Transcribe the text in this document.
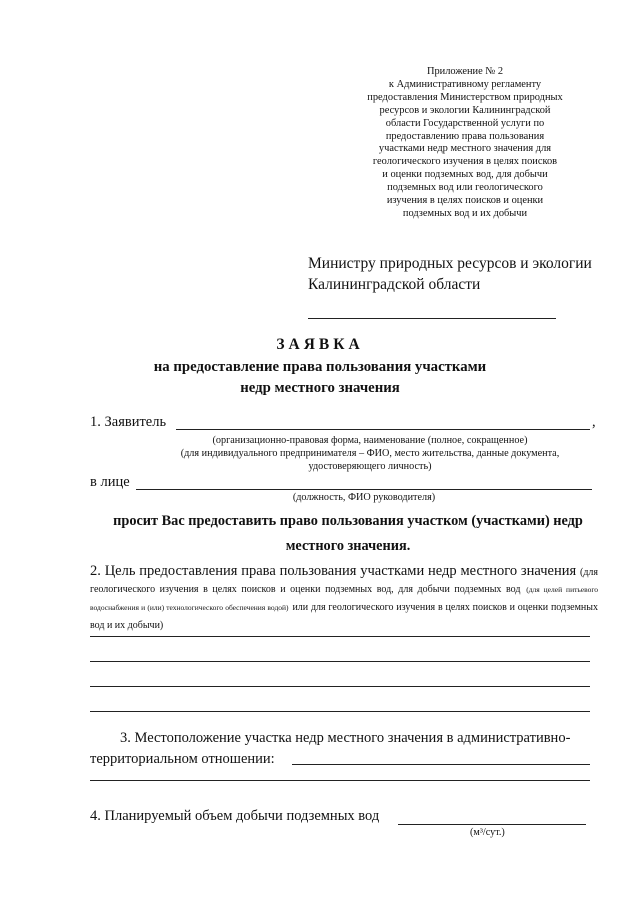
Приложение № 2
к Административному регламенту
предоставления Министерством природных
ресурсов и экологии Калининградской
области Государственной услуги по
предоставлению права пользования
участками недр местного значения для
геологического изучения в целях поисков
и оценки подземных вод, для добычи
подземных вод или геологического
изучения в целях поисков и оценки
подземных вод и их добычи
Министру природных ресурсов и экологии
Калининградской области
ЗАЯВКА
на предоставление права пользования участками
недр местного значения
1. Заявитель	,
(организационно-правовая форма, наименование (полное, сокращенное)
(для индивидуального предпринимателя – ФИО, место жительства, данные документа,
удостоверяющего личность)
в лице
(должность, ФИО руководителя)
просит Вас предоставить право пользования участком (участками) недр
местного значения.
2. Цель предоставления права пользования участками недр местного значения (для геологического изучения в целях поисков и оценки подземных вод, для добычи подземных вод (для целей питьевого водоснабжения и (или) технологического обеспечения водой) или для геологического изучения в целях поисков и оценки подземных вод и их добычи)
3. Местоположение участка недр местного значения в административно-территориальном отношении:
4. Планируемый объем добычи подземных вод
(м³/сут.)
